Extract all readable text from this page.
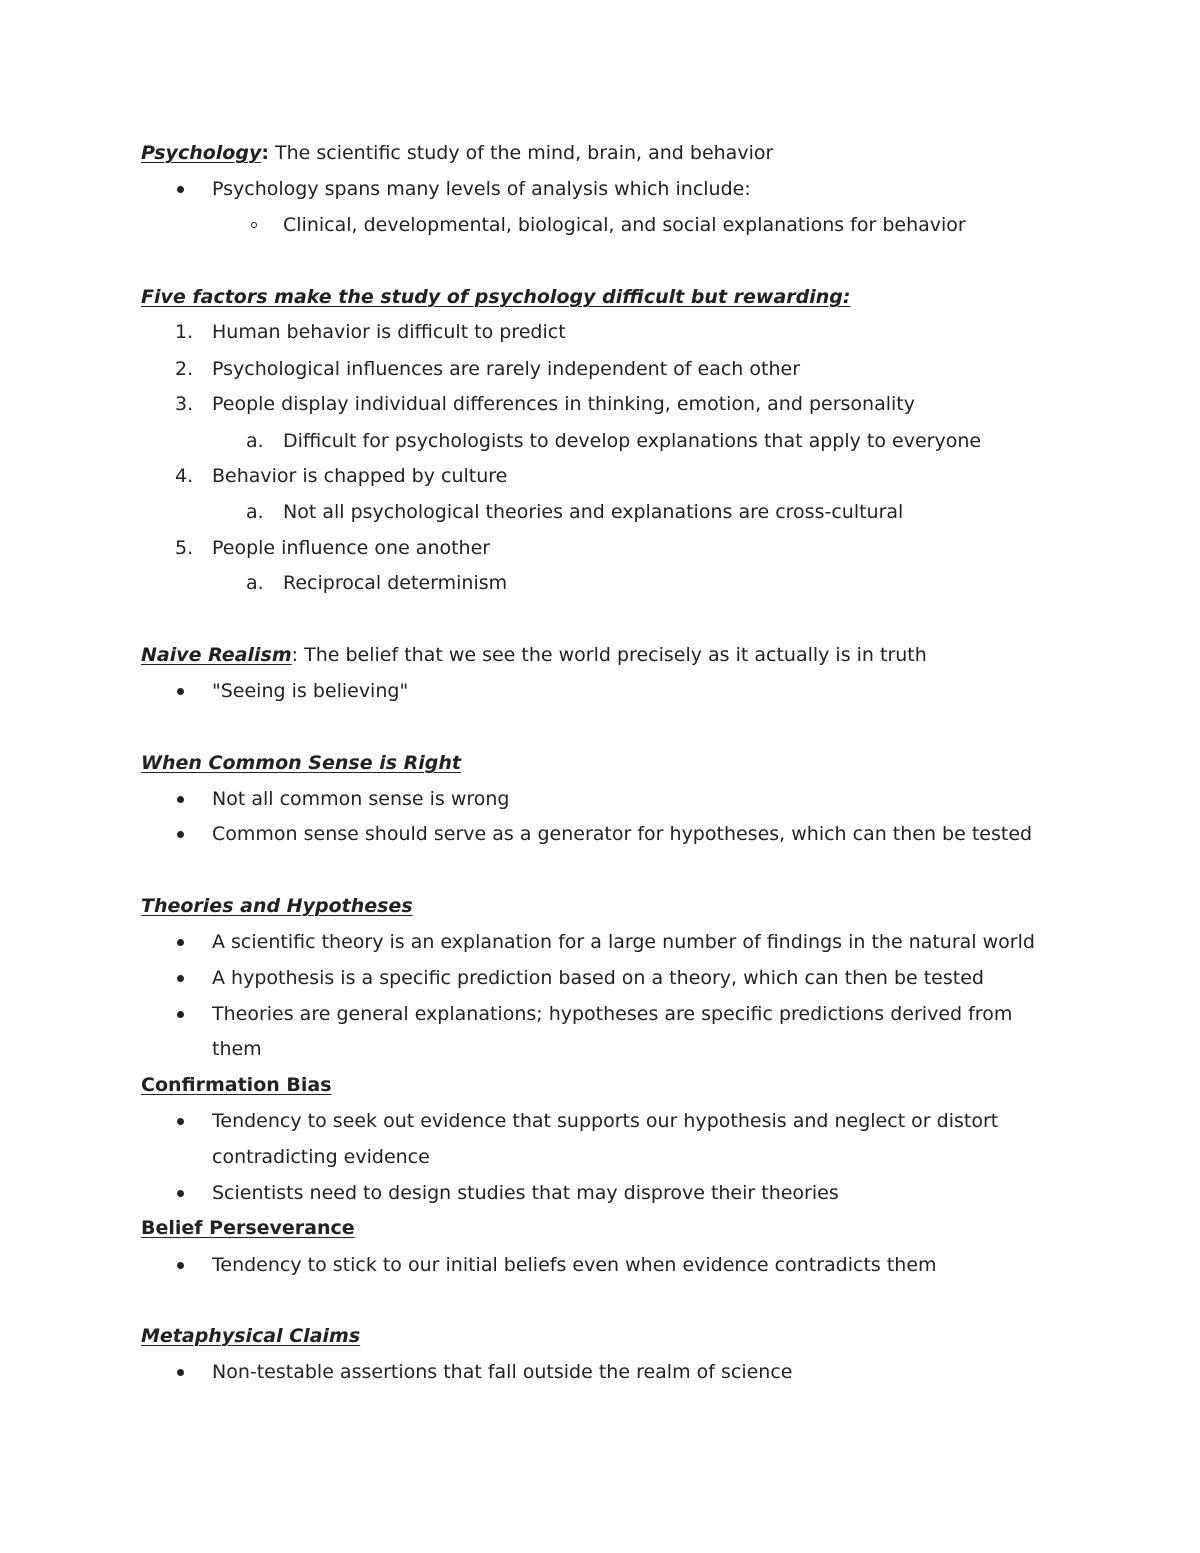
Psychology: The scientific study of the mind, brain, and behavior
Psychology spans many levels of analysis which include:
Clinical, developmental, biological, and social explanations for behavior
Five factors make the study of psychology difficult but rewarding:
1. Human behavior is difficult to predict
2. Psychological influences are rarely independent of each other
3. People display individual differences in thinking, emotion, and personality
a. Difficult for psychologists to develop explanations that apply to everyone
4. Behavior is chapped by culture
a. Not all psychological theories and explanations are cross-cultural
5. People influence one another
a. Reciprocal determinism
Naive Realism: The belief that we see the world precisely as it actually is in truth
"Seeing is believing"
When Common Sense is Right
Not all common sense is wrong
Common sense should serve as a generator for hypotheses, which can then be tested
Theories and Hypotheses
A scientific theory is an explanation for a large number of findings in the natural world
A hypothesis is a specific prediction based on a theory, which can then be tested
Theories are general explanations; hypotheses are specific predictions derived from
them
Confirmation Bias
Tendency to seek out evidence that supports our hypothesis and neglect or distort
contradicting evidence
Scientists need to design studies that may disprove their theories
Belief Perseverance
Tendency to stick to our initial beliefs even when evidence contradicts them
Metaphysical Claims
Non-testable assertions that fall outside the realm of science
